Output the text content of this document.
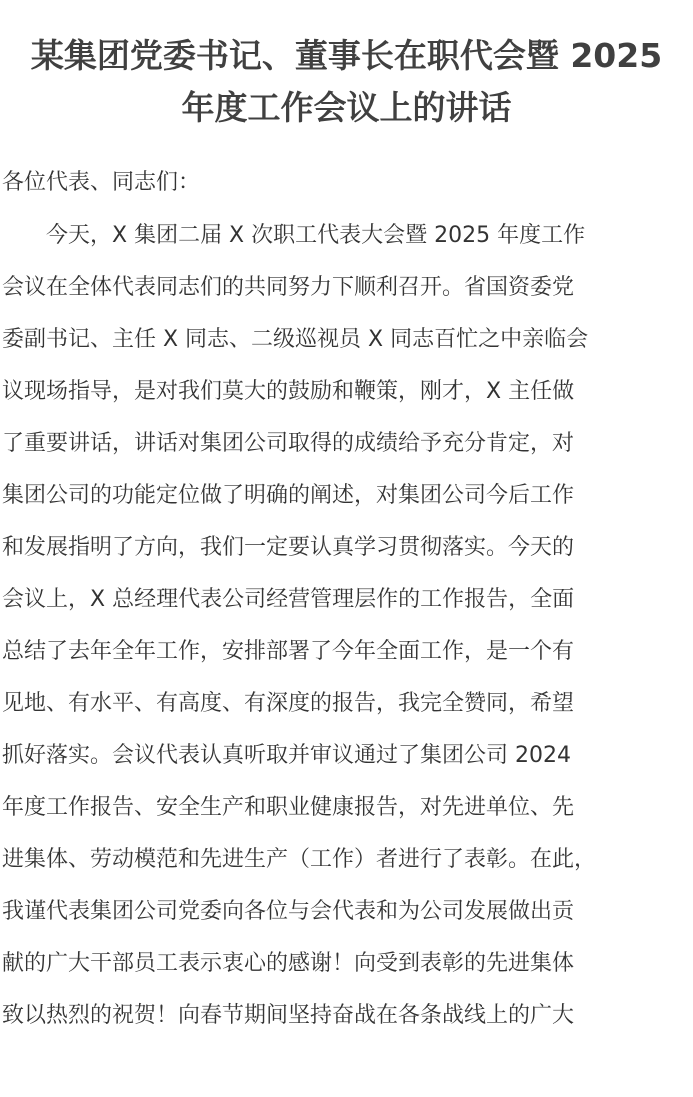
某集团党委书记、董事长在职代会暨 2025
年度工作会议上的讲话

各位代表、同志们：

　　今天，X 集团二届 X 次职工代表大会暨 2025 年度工作
会议在全体代表同志们的共同努力下顺利召开。省国资委党
委副书记、主任 X 同志、二级巡视员 X 同志百忙之中亲临会
议现场指导，是对我们莫大的鼓励和鞭策，刚才，X 主任做
了重要讲话，讲话对集团公司取得的成绩给予充分肯定，对
集团公司的功能定位做了明确的阐述，对集团公司今后工作
和发展指明了方向，我们一定要认真学习贯彻落实。今天的
会议上，X 总经理代表公司经营管理层作的工作报告，全面
总结了去年全年工作，安排部署了今年全面工作，是一个有
见地、有水平、有高度、有深度的报告，我完全赞同，希望
抓好落实。会议代表认真听取并审议通过了集团公司 2024
年度工作报告、安全生产和职业健康报告，对先进单位、先
进集体、劳动模范和先进生产（工作）者进行了表彰。在此，
我谨代表集团公司党委向各位与会代表和为公司发展做出贡
献的广大干部员工表示衷心的感谢！向受到表彰的先进集体
致以热烈的祝贺！向春节期间坚持奋战在各条战线上的广大
